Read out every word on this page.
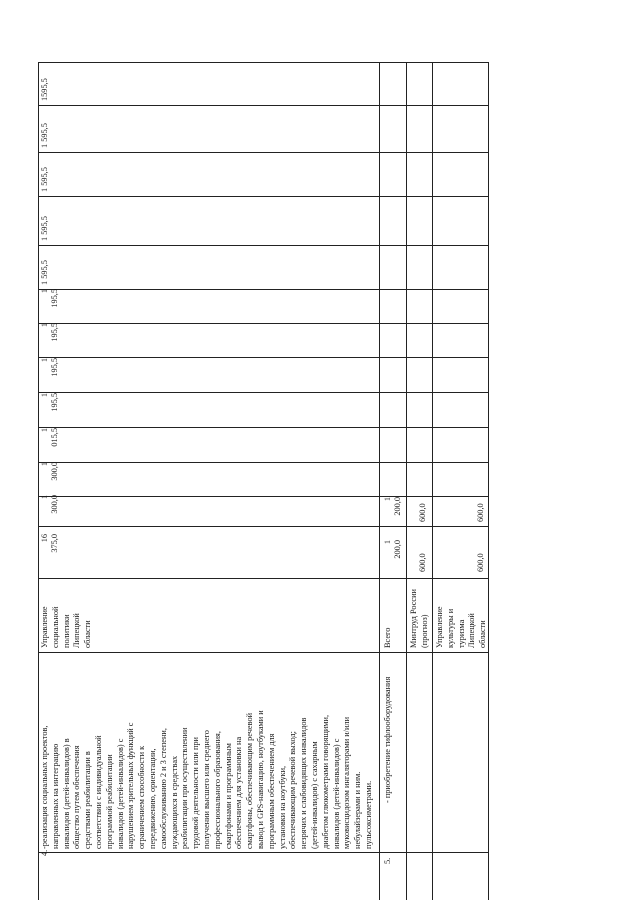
4.
-реализация социальных проектов, направленных на интеграцию инвалидов (детей-инвалидов) в общество путем обеспечения средствами реабилитации в соответствии с индивидуальной программой реабилитации инвалидов (детей-инвалидов) с нарушением зрительных функций с ограничением способности к передвижению, ориентации, самообслуживанию 2 и 3 степени, нуждающихся в средствах реабилитации при осуществлении трудовой деятельности или при получении высшего или среднего профессионального образования, смартфонами и программным обеспечением для установки на смартфоны, обеспечивающим речевой вывод и GPS-навигацию, ноутбуками и программным обеспечением для установки на ноутбуки, обеспечивающим речевой выход; незрячих и слабовидящих инвалидов (детей-инвалидов) с сахарным диабетом глюкометрами говорящими, инвалидов (детей-инвалидов) с муковисцидозом ингаляторами и/или небулайзерами и ним. пульсоксиметрами.
Управление социальной политики Липецкой области
16 375,0
1 300,0
1 300,0
1 015,5
1 195,5
1 195,5
1 195,5
1 195,5
1 595,5
1 595,5
1 595,5
1 595,5
1595,5
5.
- приобретение тифлооборудования
Всего
1 200,0
1 200,0
Минтруд России (прогноз)
600,0
600,0
Управление культуры и туризма Липецкой области
600,0
600,0
